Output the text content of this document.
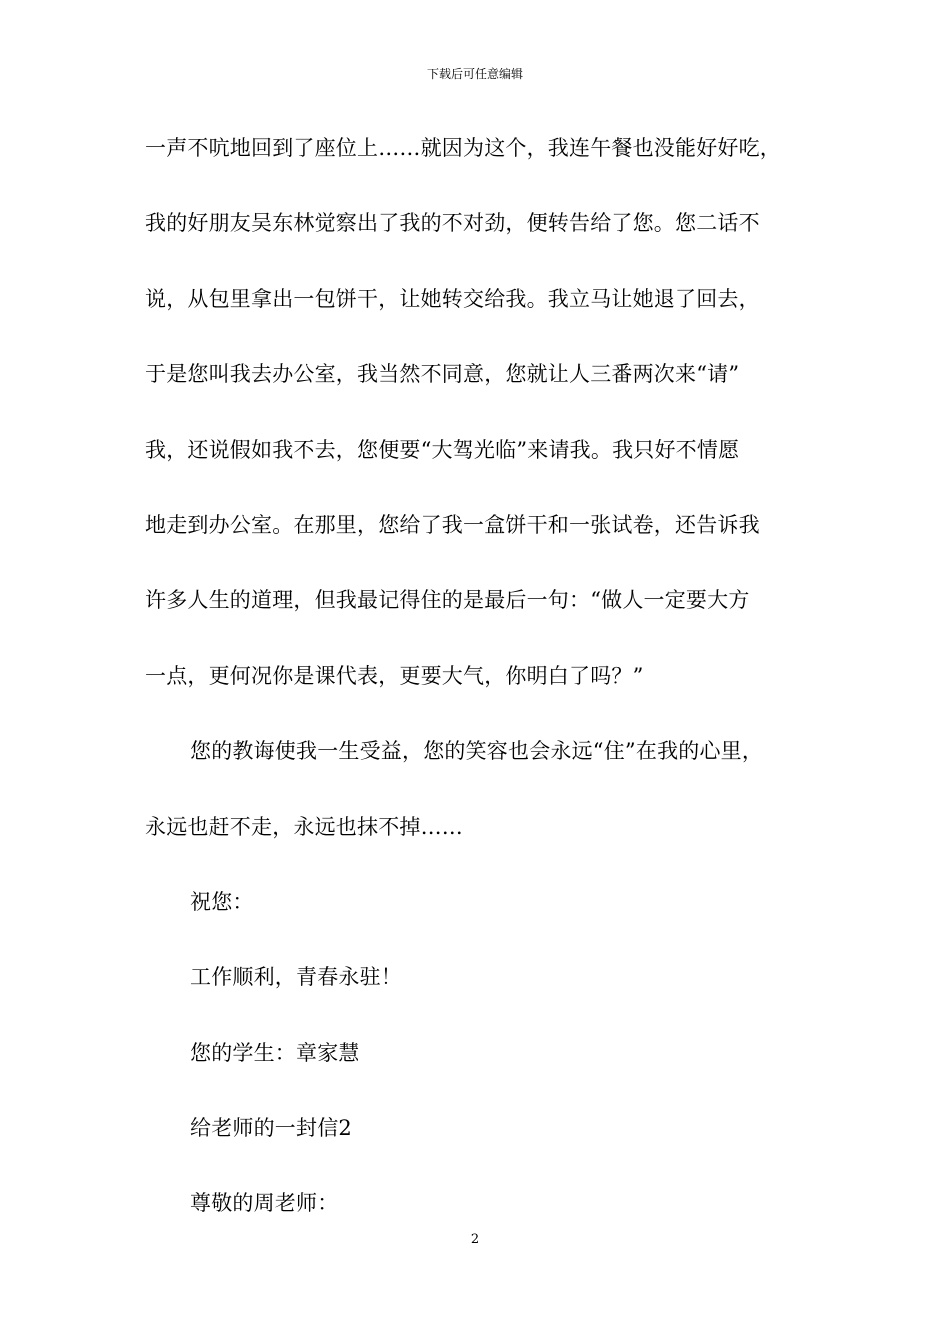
下载后可任意编辑
一声不吭地回到了座位上……就因为这个，我连午餐也没能好好吃，
我的好朋友吴东林觉察出了我的不对劲，便转告给了您。您二话不
说，从包里拿出一包饼干，让她转交给我。我立马让她退了回去，
于是您叫我去办公室，我当然不同意，您就让人三番两次来“请”
我，还说假如我不去，您便要“大驾光临”来请我。我只好不情愿
地走到办公室。在那里，您给了我一盒饼干和一张试卷，还告诉我
许多人生的道理，但我最记得住的是最后一句：“做人一定要大方
一点，更何况你是课代表，更要大气，你明白了吗？”
您的教诲使我一生受益，您的笑容也会永远“住”在我的心里，
永远也赶不走，永远也抹不掉……
祝您：
工作顺利，青春永驻！
您的学生：章家慧
给老师的一封信2
尊敬的周老师：
2
